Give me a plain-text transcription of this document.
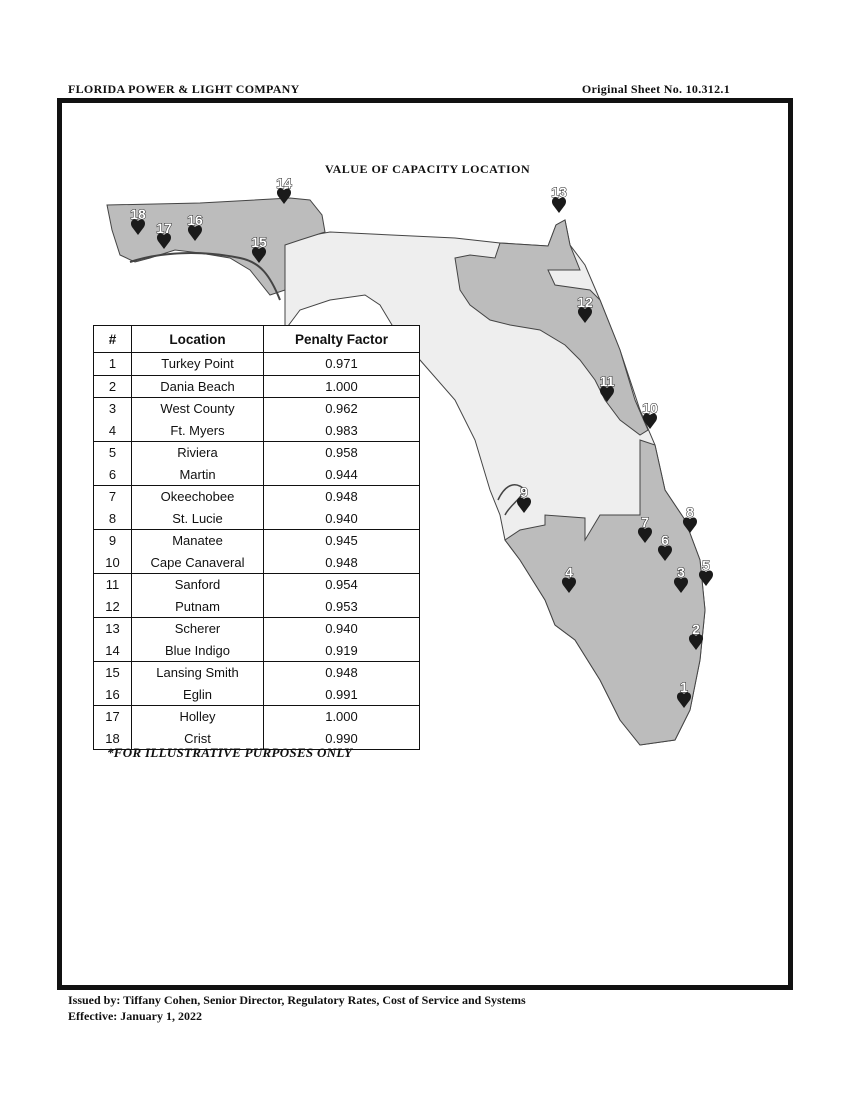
FLORIDA POWER & LIGHT COMPANY	Original Sheet No. 10.312.1
1
2
3
4	5
6
7
8
9
10
11
12
13
14
15
16
17
18
VALUE OF CAPACITY LOCATION
#	Location	Penalty Factor
1	Turkey Point	0.971
2	Dania Beach	1.000
3	West County	0.962
4	Ft. Myers	0.983
5	Riviera	0.958
6	Martin	0.944
7	Okeechobee	0.948
8	St. Lucie	0.940
9	Manatee	0.945
10	Cape Canaveral	0.948
11	Sanford	0.954
12	Putnam	0.953
13	Scherer	0.940
14	Blue Indigo	0.919
15	Lansing Smith	0.948
16	Eglin	0.991
17	Holley	1.000
18	Crist	0.990
*FOR ILLUSTRATIVE PURPOSES ONLY
Issued by: Tiffany Cohen, Senior Director, Regulatory Rates, Cost of Service and Systems
Effective: January 1, 2022
